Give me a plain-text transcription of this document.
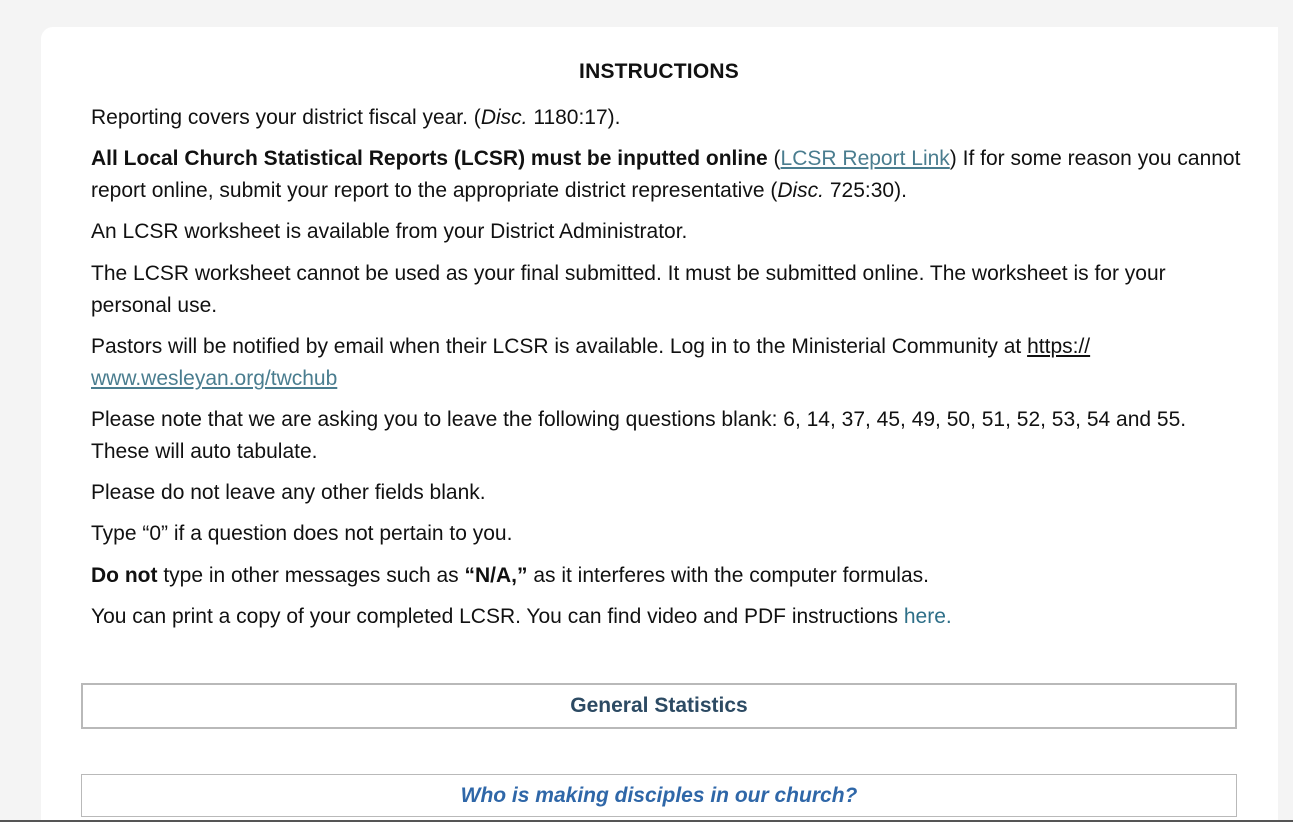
INSTRUCTIONS
Reporting covers your district fiscal year. (Disc. 1180:17).
All Local Church Statistical Reports (LCSR) must be inputted online (LCSR Report Link) If for some reason you cannot report online, submit your report to the appropriate district representative (Disc. 725:30).
An LCSR worksheet is available from your District Administrator.
The LCSR worksheet cannot be used as your final submitted. It must be submitted online. The worksheet is for your personal use.
Pastors will be notified by email when their LCSR is available. Log in to the Ministerial Community at https://
www.wesleyan.org/twchub
Please note that we are asking you to leave the following questions blank: 6, 14, 37, 45, 49, 50, 51, 52, 53, 54 and 55. These will auto tabulate.
Please do not leave any other fields blank.
Type “0” if a question does not pertain to you.
Do not type in other messages such as “N/A,” as it interferes with the computer formulas.
You can print a copy of your completed LCSR. You can find video and PDF instructions here.
General Statistics
Who is making disciples in our church?
